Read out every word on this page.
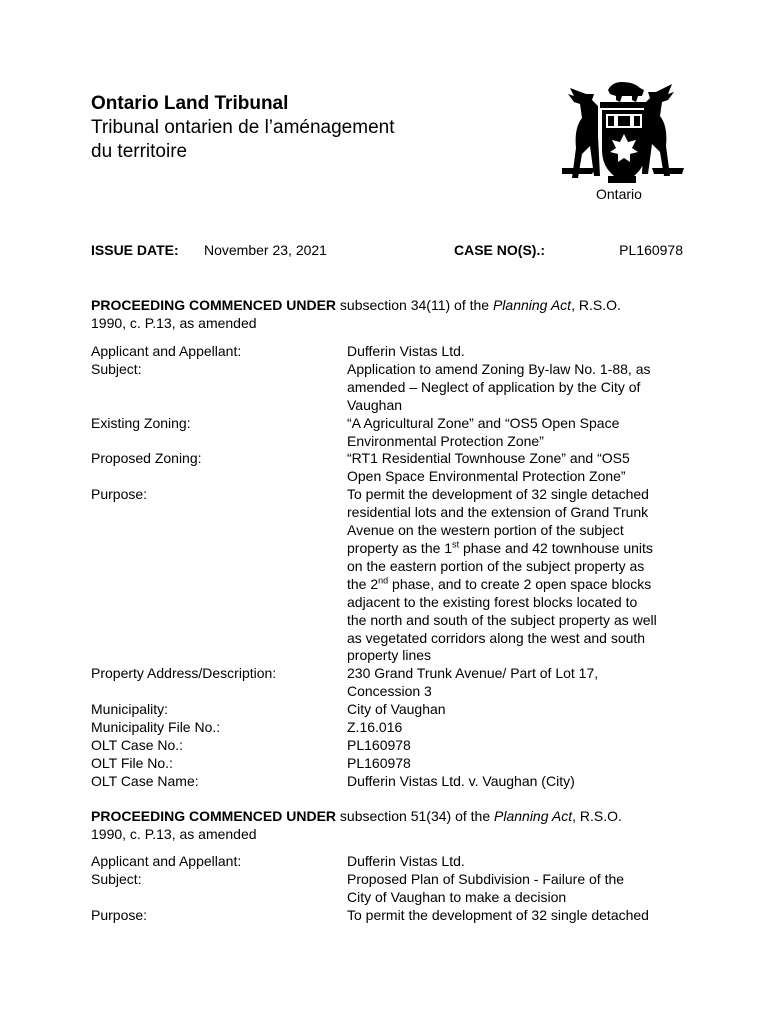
Ontario Land Tribunal
Tribunal ontarien de l’aménagement
du territoire
Ontario
ISSUE DATE: November 23, 2021	CASE NO(S).:	PL160978
PROCEEDING COMMENCED UNDER subsection 34(11) of the Planning Act, R.S.O.
1990, c. P.13, as amended
Applicant and Appellant:	Dufferin Vistas Ltd.
Subject:	Application to amend Zoning By-law No. 1-88, as
amended – Neglect of application by the City of
Vaughan
Existing Zoning:	“A Agricultural Zone” and “OS5 Open Space
Environmental Protection Zone”
Proposed Zoning:	“RT1 Residential Townhouse Zone” and “OS5
Open Space Environmental Protection Zone”
Purpose:	To permit the development of 32 single detached
residential lots and the extension of Grand Trunk
Avenue on the western portion of the subject
property as the 1st phase and 42 townhouse units
on the eastern portion of the subject property as
the 2nd phase, and to create 2 open space blocks
adjacent to the existing forest blocks located to
the north and south of the subject property as well
as vegetated corridors along the west and south
property lines
Property Address/Description:	230 Grand Trunk Avenue/ Part of Lot 17,
Concession 3
Municipality:	City of Vaughan
Municipality File No.:	Z.16.016
OLT Case No.:	PL160978
OLT File No.:	PL160978
OLT Case Name:	Dufferin Vistas Ltd. v. Vaughan (City)
PROCEEDING COMMENCED UNDER subsection 51(34) of the Planning Act, R.S.O.
1990, c. P.13, as amended
Applicant and Appellant:	Dufferin Vistas Ltd.
Subject:	Proposed Plan of Subdivision - Failure of the
City of Vaughan to make a decision
Purpose:	To permit the development of 32 single detached
